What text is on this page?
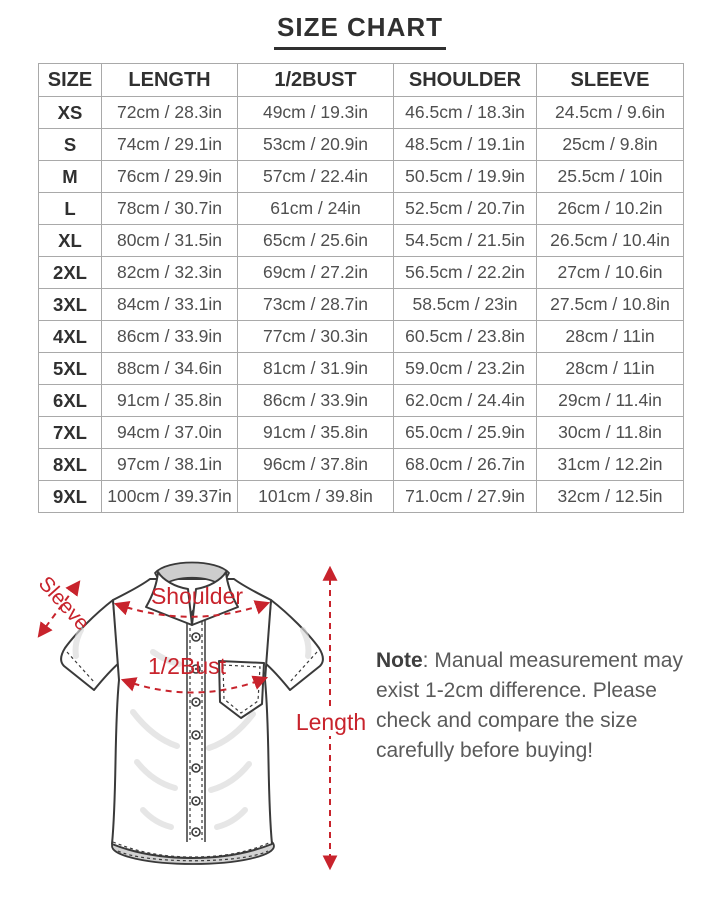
SIZE CHART
SIZE	LENGTH	1/2BUST	SHOULDER	SLEEVE
XS	72cm / 28.3in	49cm / 19.3in	46.5cm / 18.3in	24.5cm / 9.6in
S	74cm / 29.1in	53cm / 20.9in	48.5cm / 19.1in	25cm / 9.8in
M	76cm / 29.9in	57cm / 22.4in	50.5cm / 19.9in	25.5cm / 10in
L	78cm / 30.7in	61cm / 24in	52.5cm / 20.7in	26cm / 10.2in
XL	80cm / 31.5in	65cm / 25.6in	54.5cm / 21.5in	26.5cm / 10.4in
2XL	82cm / 32.3in	69cm / 27.2in	56.5cm / 22.2in	27cm / 10.6in
3XL	84cm / 33.1in	73cm / 28.7in	58.5cm / 23in	27.5cm / 10.8in
4XL	86cm / 33.9in	77cm / 30.3in	60.5cm / 23.8in	28cm / 11in
5XL	88cm / 34.6in	81cm / 31.9in	59.0cm / 23.2in	28cm / 11in
6XL	91cm / 35.8in	86cm / 33.9in	62.0cm / 24.4in	29cm / 11.4in
7XL	94cm / 37.0in	91cm / 35.8in	65.0cm / 25.9in	30cm / 11.8in
8XL	97cm / 38.1in	96cm / 37.8in	68.0cm / 26.7in	31cm / 12.2in
9XL	100cm / 39.37in	101cm / 39.8in	71.0cm / 27.9in	32cm / 12.5in
Shoulder
1/2Bust
Sleeve
Length
Note: Manual measurement may
exist 1-2cm difference. Please
check and compare the size
carefully before buying!
